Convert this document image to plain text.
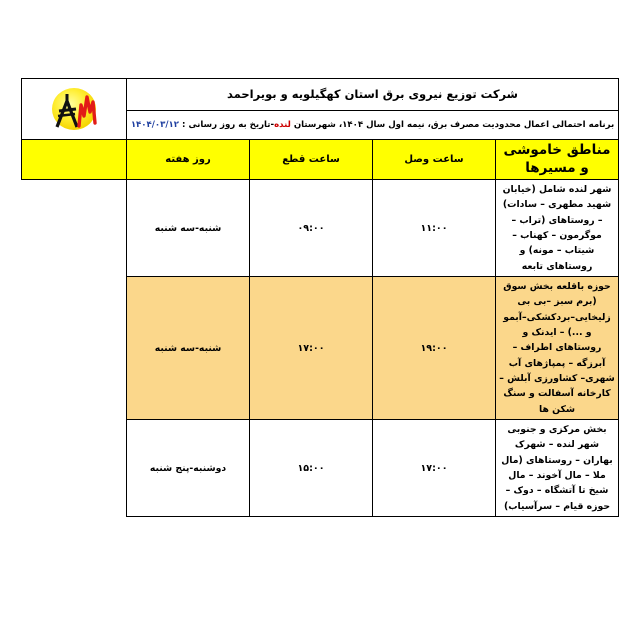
شرکت توزیع نیروی برق استان کهگیلویه و بویراحمد	

برنامه احتمالی اعمال محدودیت مصرف برق، نیمه اول سال ۱۴۰۴، شهرستان لنده-تاریخ به روز رسانی : ۱۴۰۴/۰۳/۱۲				
مناطق خاموشی و مسیرها	ساعت وصل	ساعت قطع	روز هفته	
شهر لنده شامل (خیابان شهید مطهری – سادات) – روستاهای (تراب – موگرمون – کهناب – شیتاب – مونه) و روستاهای تابعه	۱۱:۰۰	۰۹:۰۰	شنبه-سه شنبه	
حوزه باقلعه بخش سوق (برم سبز –بی بی زلیخایی–بردکشکی–آبمو و ...) – ایدنک و روستاهای اطراف – آبرزگه – پمپاژهای آب شهری– کشاورزی آبلش – کارخانه آسفالت و سنگ شکن ها	۱۹:۰۰	۱۷:۰۰	شنبه-سه شنبه	
بخش مرکزی و جنوبی شهر لنده – شهرک بهاران – روستاهای (مال ملا – مال آخوند – مال شیخ تا آتشگاه – دوک – حوزه قیام – سرآسیاب)	۱۷:۰۰	۱۵:۰۰	دوشنبه-پنج شنبه	
